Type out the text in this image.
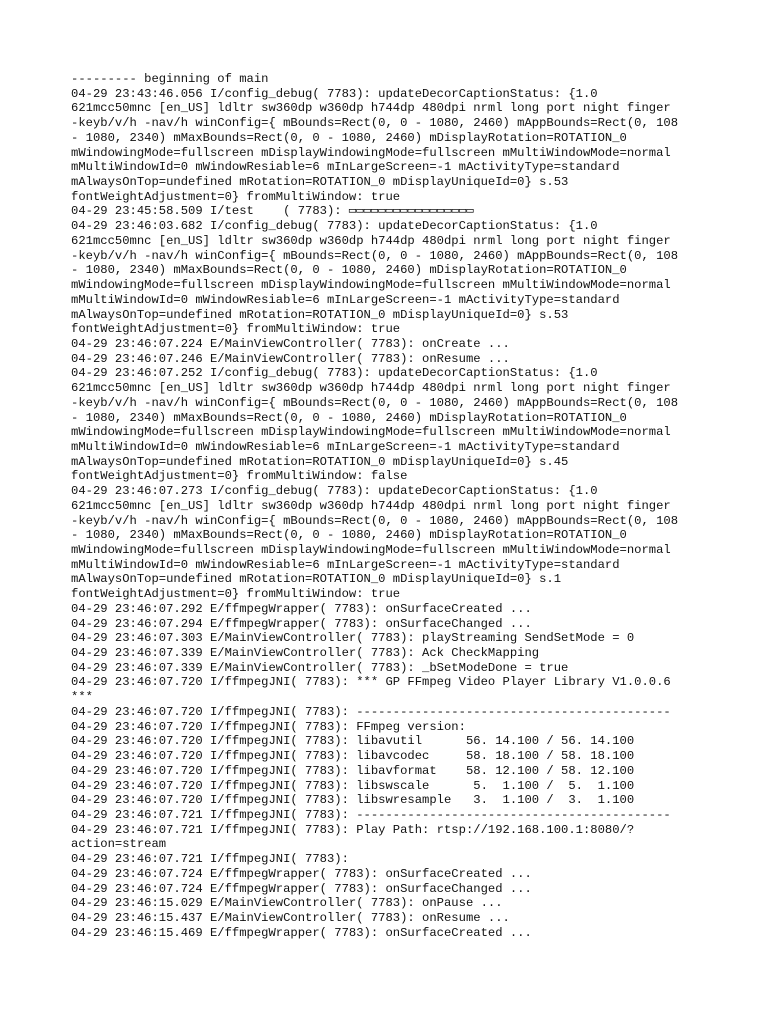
--------- beginning of main
04-29 23:43:46.056 I/config_debug( 7783): updateDecorCaptionStatus: {1.0
621mcc50mnc [en_US] ldltr sw360dp w360dp h744dp 480dpi nrml long port night finger
-keyb/v/h -nav/h winConfig={ mBounds=Rect(0, 0 - 1080, 2460) mAppBounds=Rect(0, 108
- 1080, 2340) mMaxBounds=Rect(0, 0 - 1080, 2460) mDisplayRotation=ROTATION_0
mWindowingMode=fullscreen mDisplayWindowingMode=fullscreen mMultiWindowMode=normal
mMultiWindowId=0 mWindowResiable=6 mInLargeScreen=-1 mActivityType=standard
mAlwaysOnTop=undefined mRotation=ROTATION_0 mDisplayUniqueId=0} s.53
fontWeightAdjustment=0} fromMultiWindow: true
04-29 23:45:58.509 I/test    ( 7783): ▭▭▭▭▭▭▭▭▭▭▭▭▭▭▭▭▭
04-29 23:46:03.682 I/config_debug( 7783): updateDecorCaptionStatus: {1.0
621mcc50mnc [en_US] ldltr sw360dp w360dp h744dp 480dpi nrml long port night finger
-keyb/v/h -nav/h winConfig={ mBounds=Rect(0, 0 - 1080, 2460) mAppBounds=Rect(0, 108
- 1080, 2340) mMaxBounds=Rect(0, 0 - 1080, 2460) mDisplayRotation=ROTATION_0
mWindowingMode=fullscreen mDisplayWindowingMode=fullscreen mMultiWindowMode=normal
mMultiWindowId=0 mWindowResiable=6 mInLargeScreen=-1 mActivityType=standard
mAlwaysOnTop=undefined mRotation=ROTATION_0 mDisplayUniqueId=0} s.53
fontWeightAdjustment=0} fromMultiWindow: true
04-29 23:46:07.224 E/MainViewController( 7783): onCreate ...
04-29 23:46:07.246 E/MainViewController( 7783): onResume ...
04-29 23:46:07.252 I/config_debug( 7783): updateDecorCaptionStatus: {1.0
621mcc50mnc [en_US] ldltr sw360dp w360dp h744dp 480dpi nrml long port night finger
-keyb/v/h -nav/h winConfig={ mBounds=Rect(0, 0 - 1080, 2460) mAppBounds=Rect(0, 108
- 1080, 2340) mMaxBounds=Rect(0, 0 - 1080, 2460) mDisplayRotation=ROTATION_0
mWindowingMode=fullscreen mDisplayWindowingMode=fullscreen mMultiWindowMode=normal
mMultiWindowId=0 mWindowResiable=6 mInLargeScreen=-1 mActivityType=standard
mAlwaysOnTop=undefined mRotation=ROTATION_0 mDisplayUniqueId=0} s.45
fontWeightAdjustment=0} fromMultiWindow: false
04-29 23:46:07.273 I/config_debug( 7783): updateDecorCaptionStatus: {1.0
621mcc50mnc [en_US] ldltr sw360dp w360dp h744dp 480dpi nrml long port night finger
-keyb/v/h -nav/h winConfig={ mBounds=Rect(0, 0 - 1080, 2460) mAppBounds=Rect(0, 108
- 1080, 2340) mMaxBounds=Rect(0, 0 - 1080, 2460) mDisplayRotation=ROTATION_0
mWindowingMode=fullscreen mDisplayWindowingMode=fullscreen mMultiWindowMode=normal
mMultiWindowId=0 mWindowResiable=6 mInLargeScreen=-1 mActivityType=standard
mAlwaysOnTop=undefined mRotation=ROTATION_0 mDisplayUniqueId=0} s.1
fontWeightAdjustment=0} fromMultiWindow: true
04-29 23:46:07.292 E/ffmpegWrapper( 7783): onSurfaceCreated ...
04-29 23:46:07.294 E/ffmpegWrapper( 7783): onSurfaceChanged ...
04-29 23:46:07.303 E/MainViewController( 7783): playStreaming SendSetMode = 0
04-29 23:46:07.339 E/MainViewController( 7783): Ack CheckMapping
04-29 23:46:07.339 E/MainViewController( 7783): _bSetModeDone = true
04-29 23:46:07.720 I/ffmpegJNI( 7783): *** GP FFmpeg Video Player Library V1.0.0.6
***
04-29 23:46:07.720 I/ffmpegJNI( 7783): -------------------------------------------
04-29 23:46:07.720 I/ffmpegJNI( 7783): FFmpeg version:
04-29 23:46:07.720 I/ffmpegJNI( 7783): libavutil      56. 14.100 / 56. 14.100
04-29 23:46:07.720 I/ffmpegJNI( 7783): libavcodec     58. 18.100 / 58. 18.100
04-29 23:46:07.720 I/ffmpegJNI( 7783): libavformat    58. 12.100 / 58. 12.100
04-29 23:46:07.720 I/ffmpegJNI( 7783): libswscale      5.  1.100 /  5.  1.100
04-29 23:46:07.720 I/ffmpegJNI( 7783): libswresample   3.  1.100 /  3.  1.100
04-29 23:46:07.721 I/ffmpegJNI( 7783): -------------------------------------------
04-29 23:46:07.721 I/ffmpegJNI( 7783): Play Path: rtsp://192.168.100.1:8080/?
action=stream
04-29 23:46:07.721 I/ffmpegJNI( 7783):
04-29 23:46:07.724 E/ffmpegWrapper( 7783): onSurfaceCreated ...
04-29 23:46:07.724 E/ffmpegWrapper( 7783): onSurfaceChanged ...
04-29 23:46:15.029 E/MainViewController( 7783): onPause ...
04-29 23:46:15.437 E/MainViewController( 7783): onResume ...
04-29 23:46:15.469 E/ffmpegWrapper( 7783): onSurfaceCreated ...
